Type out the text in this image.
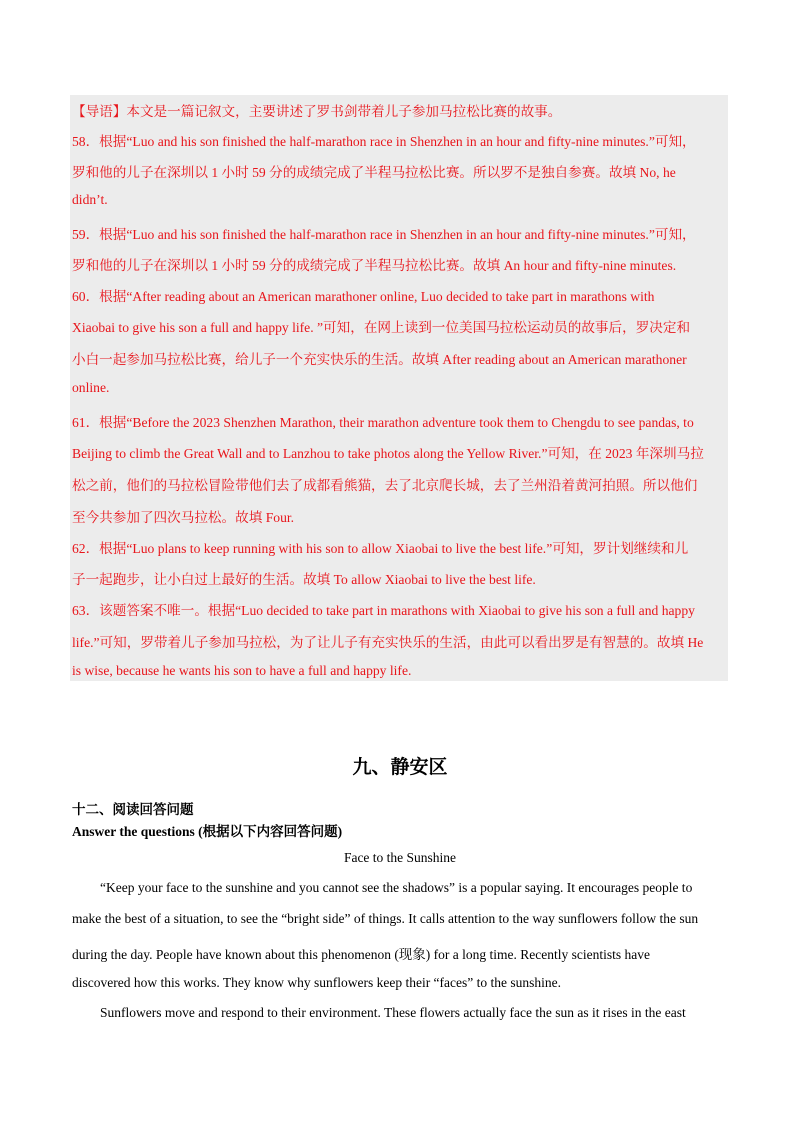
【导语】本文是一篇记叙文，主要讲述了罗书剑带着儿子参加马拉松比赛的故事。
58．根据“Luo and his son finished the half-marathon race in Shenzhen in an hour and fifty-nine minutes.”可知，
罗和他的儿子在深圳以 1 小时 59 分的成绩完成了半程马拉松比赛。所以罗不是独自参赛。故填 No, he
didn’t.
59．根据“Luo and his son finished the half-marathon race in Shenzhen in an hour and fifty-nine minutes.”可知，
罗和他的儿子在深圳以 1 小时 59 分的成绩完成了半程马拉松比赛。故填 An hour and fifty-nine minutes.
60．根据“After reading about an American marathoner online, Luo decided to take part in marathons with
Xiaobai to give his son a full and happy life. ”可知，在网上读到一位美国马拉松运动员的故事后，罗决定和
小白一起参加马拉松比赛，给儿子一个充实快乐的生活。故填 After reading about an American marathoner
online.
61．根据“Before the 2023 Shenzhen Marathon, their marathon adventure took them to Chengdu to see pandas, to
Beijing to climb the Great Wall and to Lanzhou to take photos along the Yellow River.”可知，在 2023 年深圳马拉
松之前，他们的马拉松冒险带他们去了成都看熊猫，去了北京爬长城，去了兰州沿着黄河拍照。所以他们
至今共参加了四次马拉松。故填 Four.
62．根据“Luo plans to keep running with his son to allow Xiaobai to live the best life.”可知，罗计划继续和儿
子一起跑步，让小白过上最好的生活。故填 To allow Xiaobai to live the best life.
63．该题答案不唯一。根据“Luo decided to take part in marathons with Xiaobai to give his son a full and happy
life.”可知，罗带着儿子参加马拉松，为了让儿子有充实快乐的生活，由此可以看出罗是有智慧的。故填 He
is wise, because he wants his son to have a full and happy life.
九、静安区
十二、阅读回答问题
Answer the questions (根据以下内容回答问题)
Face to the Sunshine
“Keep your face to the sunshine and you cannot see the shadows” is a popular saying. It encourages people to
make the best of a situation, to see the “bright side” of things. It calls attention to the way sunflowers follow the sun
during the day. People have known about this phenomenon (现象) for a long time. Recently scientists have
discovered how this works. They know why sunflowers keep their “faces” to the sunshine.
Sunflowers move and respond to their environment. These flowers actually face the sun as it rises in the east
